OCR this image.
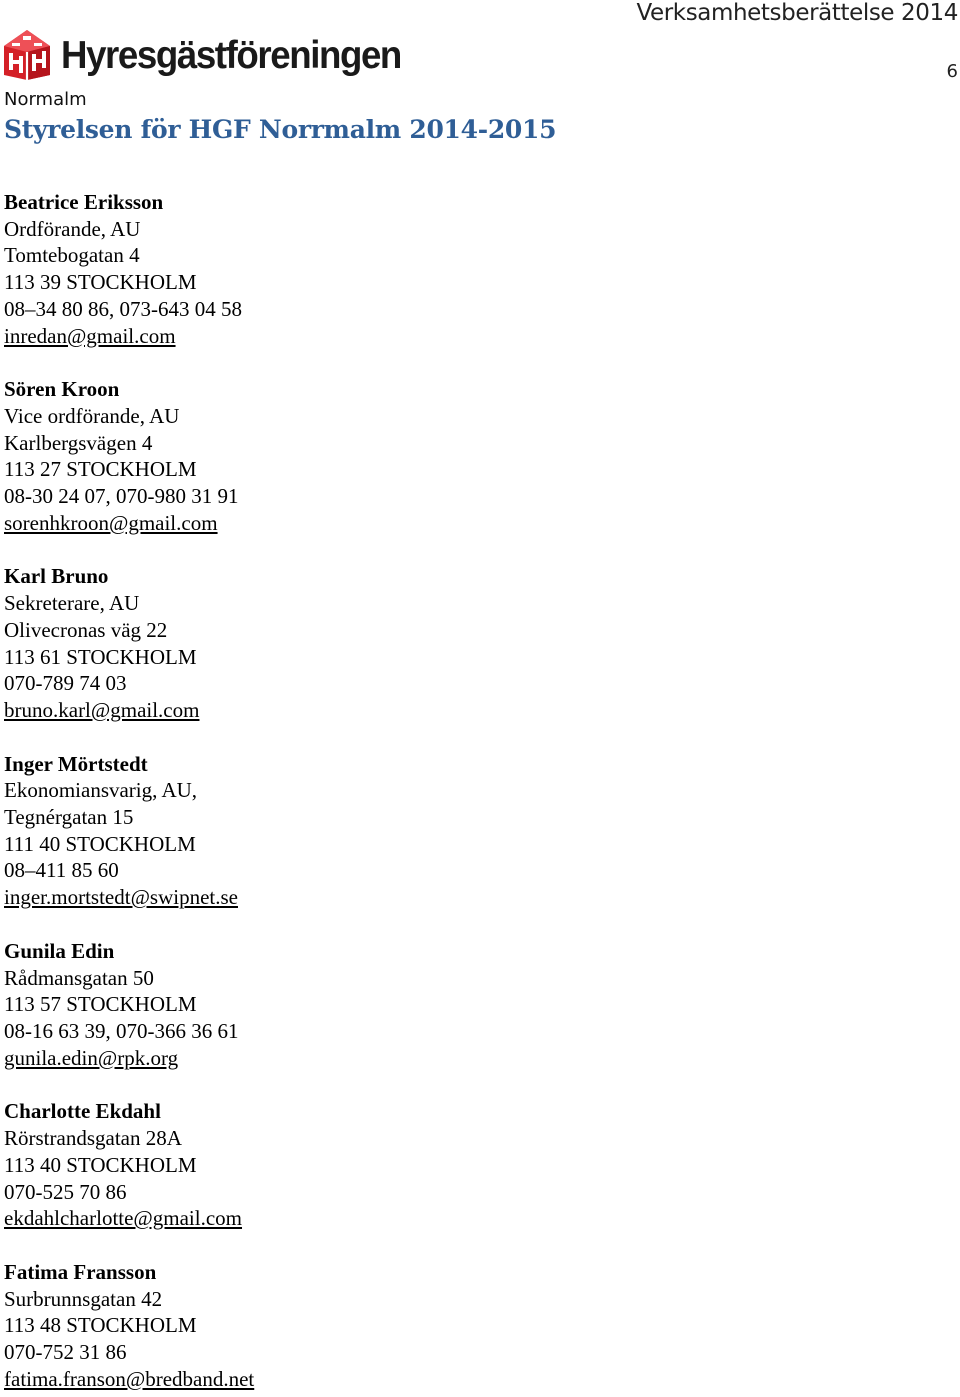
Hyresgästföreningen
Verksamhetsberättelse 2014
6
Normalm
Styrelsen för HGF Norrmalm 2014-2015
Beatrice Eriksson
Ordförande, AU
Tomtebogatan 4
113 39 STOCKHOLM
08–34 80 86, 073-643 04 58
inredan@gmail.com
Sören Kroon
Vice ordförande, AU
Karlbergsvägen 4
113 27 STOCKHOLM
08-30 24 07, 070-980 31 91
sorenhkroon@gmail.com
Karl Bruno
Sekreterare, AU
Olivecronas väg 22
113 61 STOCKHOLM
070-789 74 03
bruno.karl@gmail.com
Inger Mörtstedt
Ekonomiansvarig, AU,
Tegnérgatan 15
111 40 STOCKHOLM
08–411 85 60
inger.mortstedt@swipnet.se
Gunila Edin
Rådmansgatan 50
113 57 STOCKHOLM
08-16 63 39, 070-366 36 61
gunila.edin@rpk.org
Charlotte Ekdahl
Rörstrandsgatan 28A
113 40 STOCKHOLM
070-525 70 86
ekdahlcharlotte@gmail.com
Fatima Fransson
Surbrunnsgatan 42
113 48 STOCKHOLM
070-752 31 86
fatima.franson@bredband.net
